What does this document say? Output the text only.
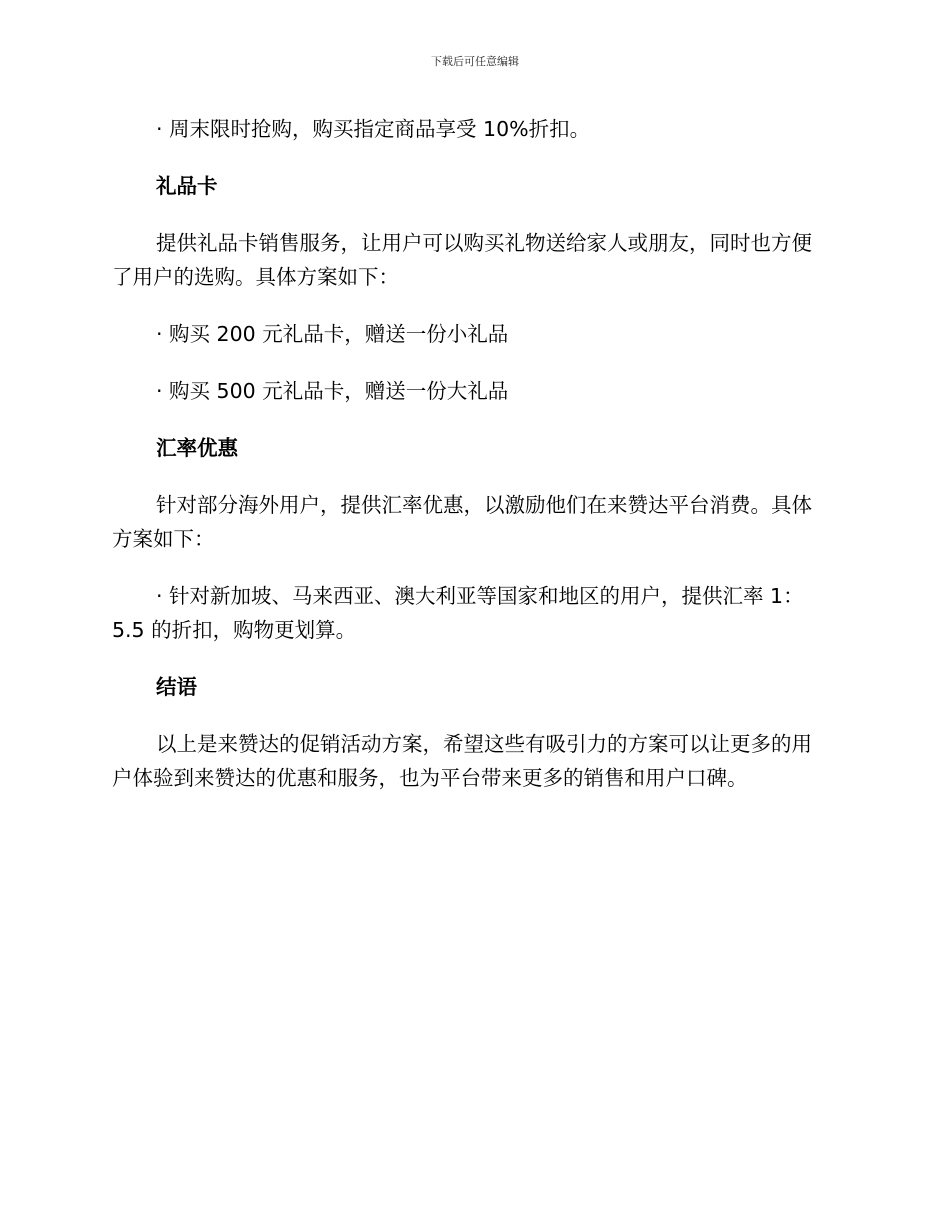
下载后可任意编辑

· 周末限时抢购，购买指定商品享受 10%折扣。

礼品卡

提供礼品卡销售服务，让用户可以购买礼物送给家人或朋友，同时也方便了用户的选购。具体方案如下：

· 购买 200 元礼品卡，赠送一份小礼品

· 购买 500 元礼品卡，赠送一份大礼品

汇率优惠

针对部分海外用户，提供汇率优惠，以激励他们在来赞达平台消费。具体方案如下：

· 针对新加坡、马来西亚、澳大利亚等国家和地区的用户，提供汇率 1：5.5 的折扣，购物更划算。

结语

以上是来赞达的促销活动方案，希望这些有吸引力的方案可以让更多的用户体验到来赞达的优惠和服务，也为平台带来更多的销售和用户口碑。
